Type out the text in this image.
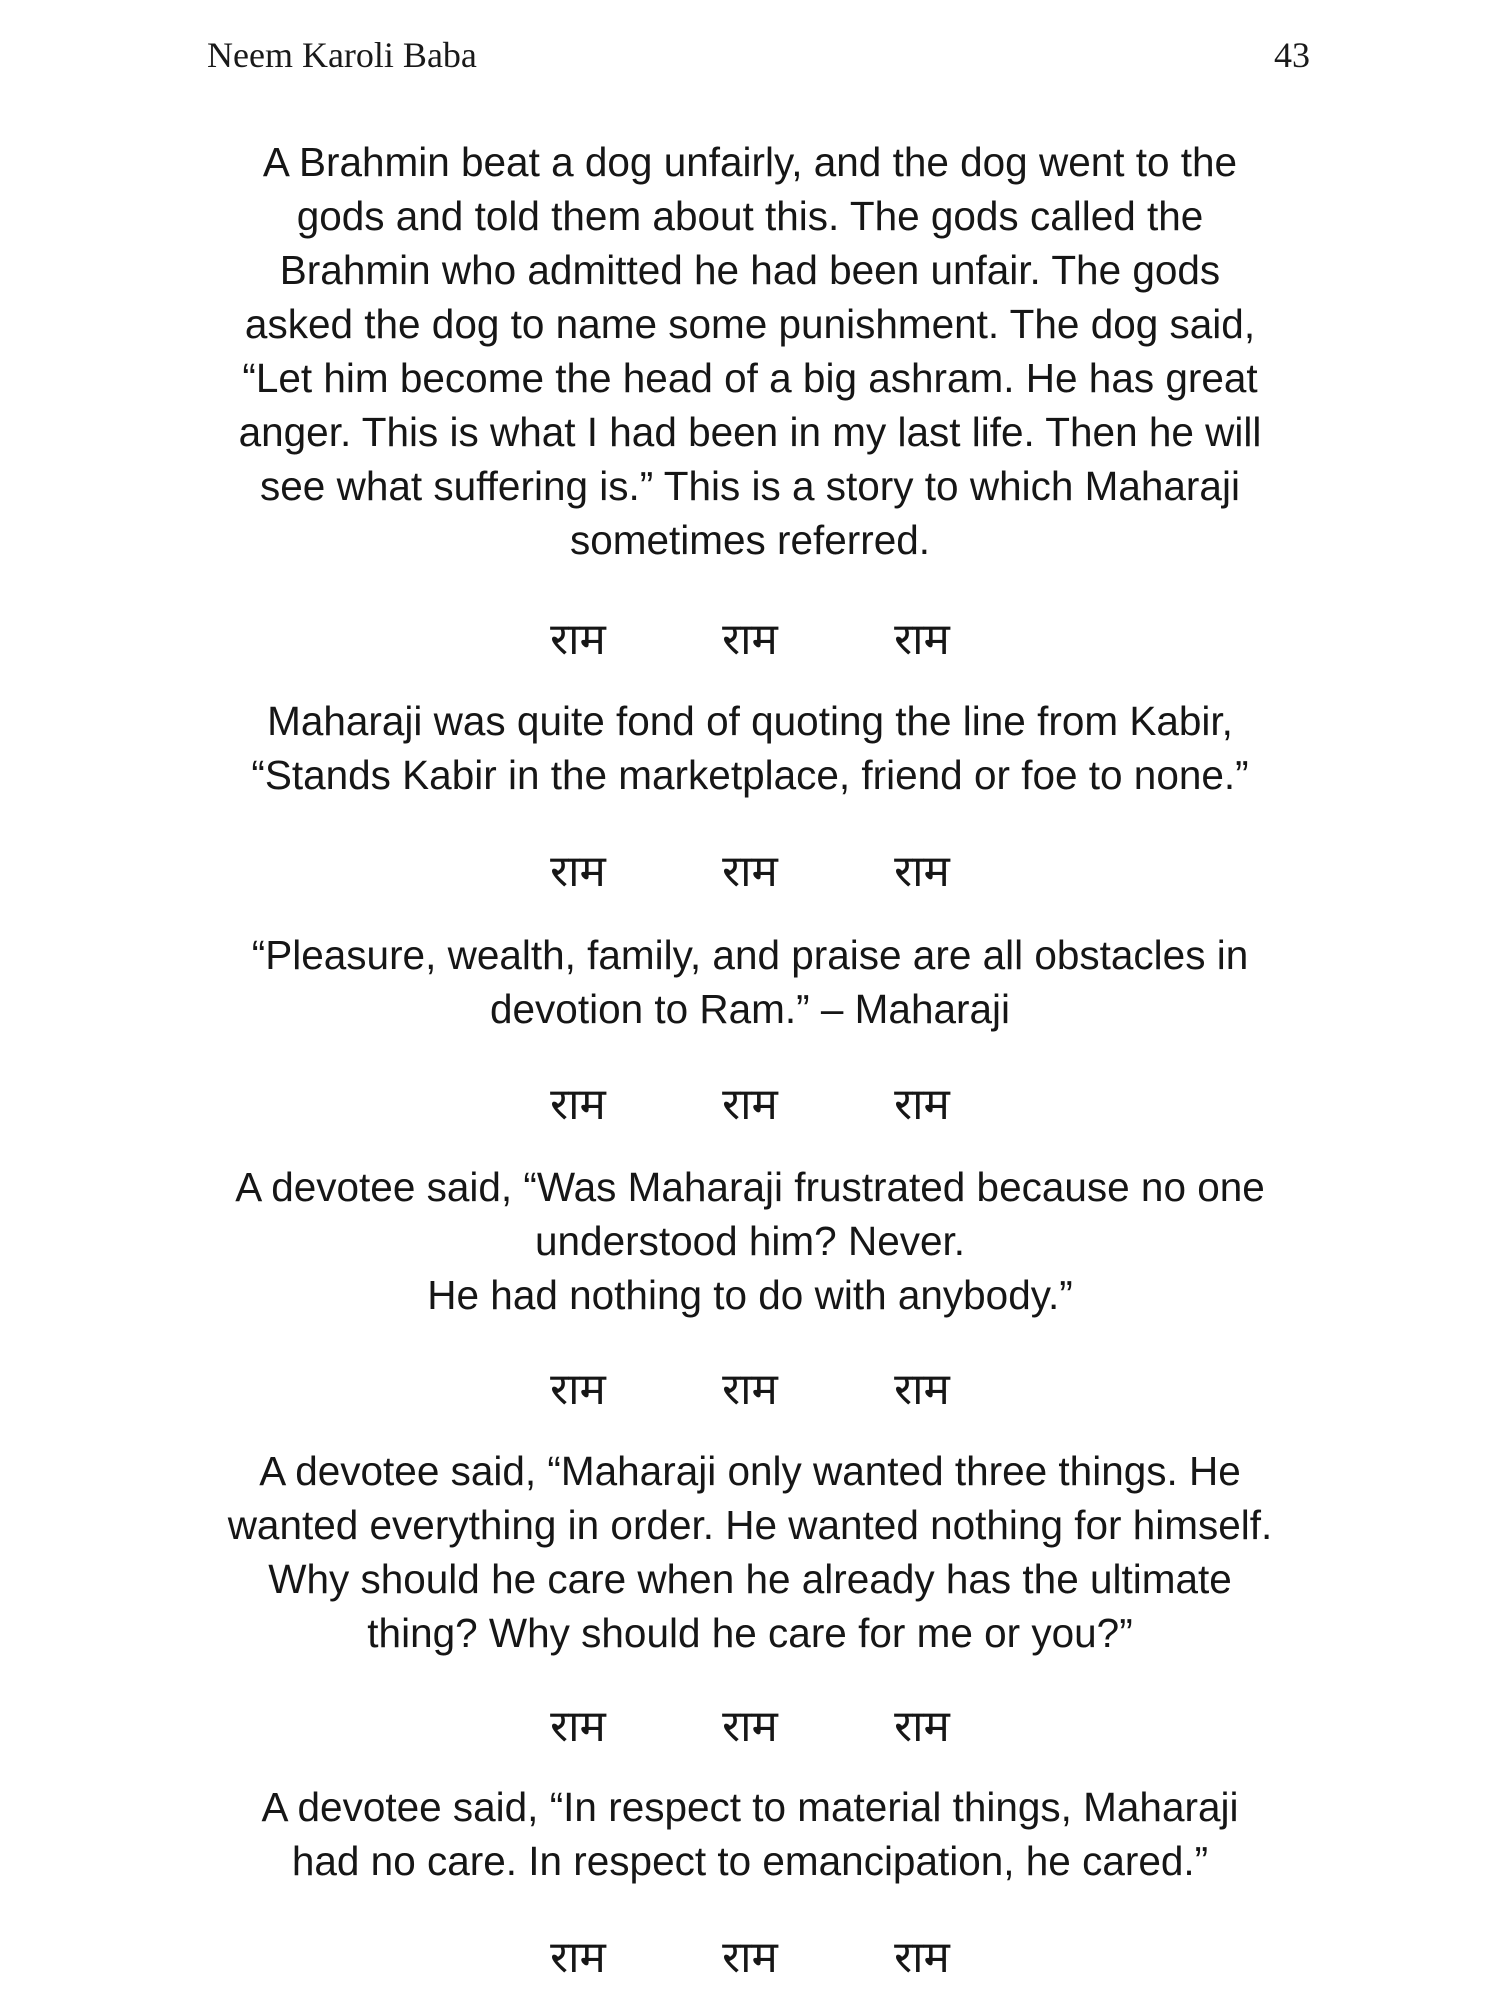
Neem Karoli Baba	43
A Brahmin beat a dog unfairly, and the dog went to the
gods and told them about this. The gods called the
Brahmin who admitted he had been unfair. The gods
asked the dog to name some punishment. The dog said,
“Let him become the head of a big ashram. He has great
anger. This is what I had been in my last life. Then he will
see what suffering is.” This is a story to which Maharaji
sometimes referred.
राम	राम	राम
Maharaji was quite fond of quoting the line from Kabir,
“Stands Kabir in the marketplace, friend or foe to none.”
राम	राम	राम
“Pleasure, wealth, family, and praise are all obstacles in
devotion to Ram.” – Maharaji
राम	राम	राम
A devotee said, “Was Maharaji frustrated because no one
understood him? Never.
He had nothing to do with anybody.”
राम	राम	राम
A devotee said, “Maharaji only wanted three things. He
wanted everything in order. He wanted nothing for himself.
Why should he care when he already has the ultimate
thing? Why should he care for me or you?”
राम	राम	राम
A devotee said, “In respect to material things, Maharaji
had no care. In respect to emancipation, he cared.”
राम	राम	राम
